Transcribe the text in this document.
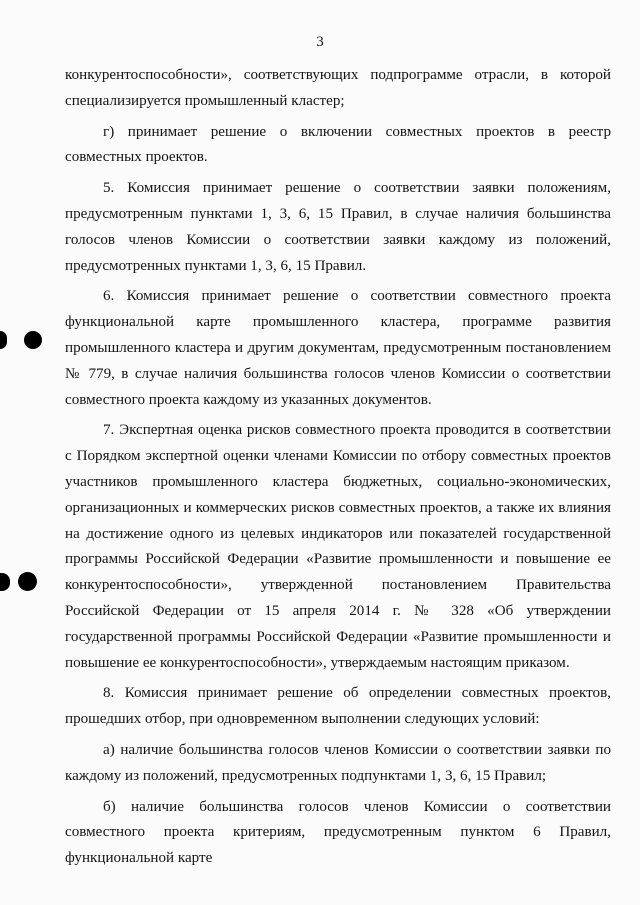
3

конкурентоспособности», соответствующих подпрограмме отрасли, в которой специализируется промышленный кластер;

г) принимает решение о включении совместных проектов в реестр совместных проектов.

5. Комиссия принимает решение о соответствии заявки положениям, предусмотренным пунктами 1, 3, 6, 15 Правил, в случае наличия большинства голосов членов Комиссии о соответствии заявки каждому из положений, предусмотренных пунктами 1, 3, 6, 15 Правил.

6. Комиссия принимает решение о соответствии совместного проекта функциональной карте промышленного кластера, программе развития промышленного кластера и другим документам, предусмотренным постановлением № 779, в случае наличия большинства голосов членов Комиссии о соответствии совместного проекта каждому из указанных документов.

7. Экспертная оценка рисков совместного проекта проводится в соответствии с Порядком экспертной оценки членами Комиссии по отбору совместных проектов участников промышленного кластера бюджетных, социально-экономических, организационных и коммерческих рисков совместных проектов, а также их влияния на достижение одного из целевых индикаторов или показателей государственной программы Российской Федерации «Развитие промышленности и повышение ее конкурентоспособности», утвержденной постановлением Правительства Российской Федерации от 15 апреля 2014 г. № 328 «Об утверждении государственной программы Российской Федерации «Развитие промышленности и повышение ее конкурентоспособности», утверждаемым настоящим приказом.

8. Комиссия принимает решение об определении совместных проектов, прошедших отбор, при одновременном выполнении следующих условий:

а) наличие большинства голосов членов Комиссии о соответствии заявки по каждому из положений, предусмотренных подпунктами 1, 3, 6, 15 Правил;

б) наличие большинства голосов членов Комиссии о соответствии совместного проекта критериям, предусмотренным пунктом 6 Правил, функциональной карте
